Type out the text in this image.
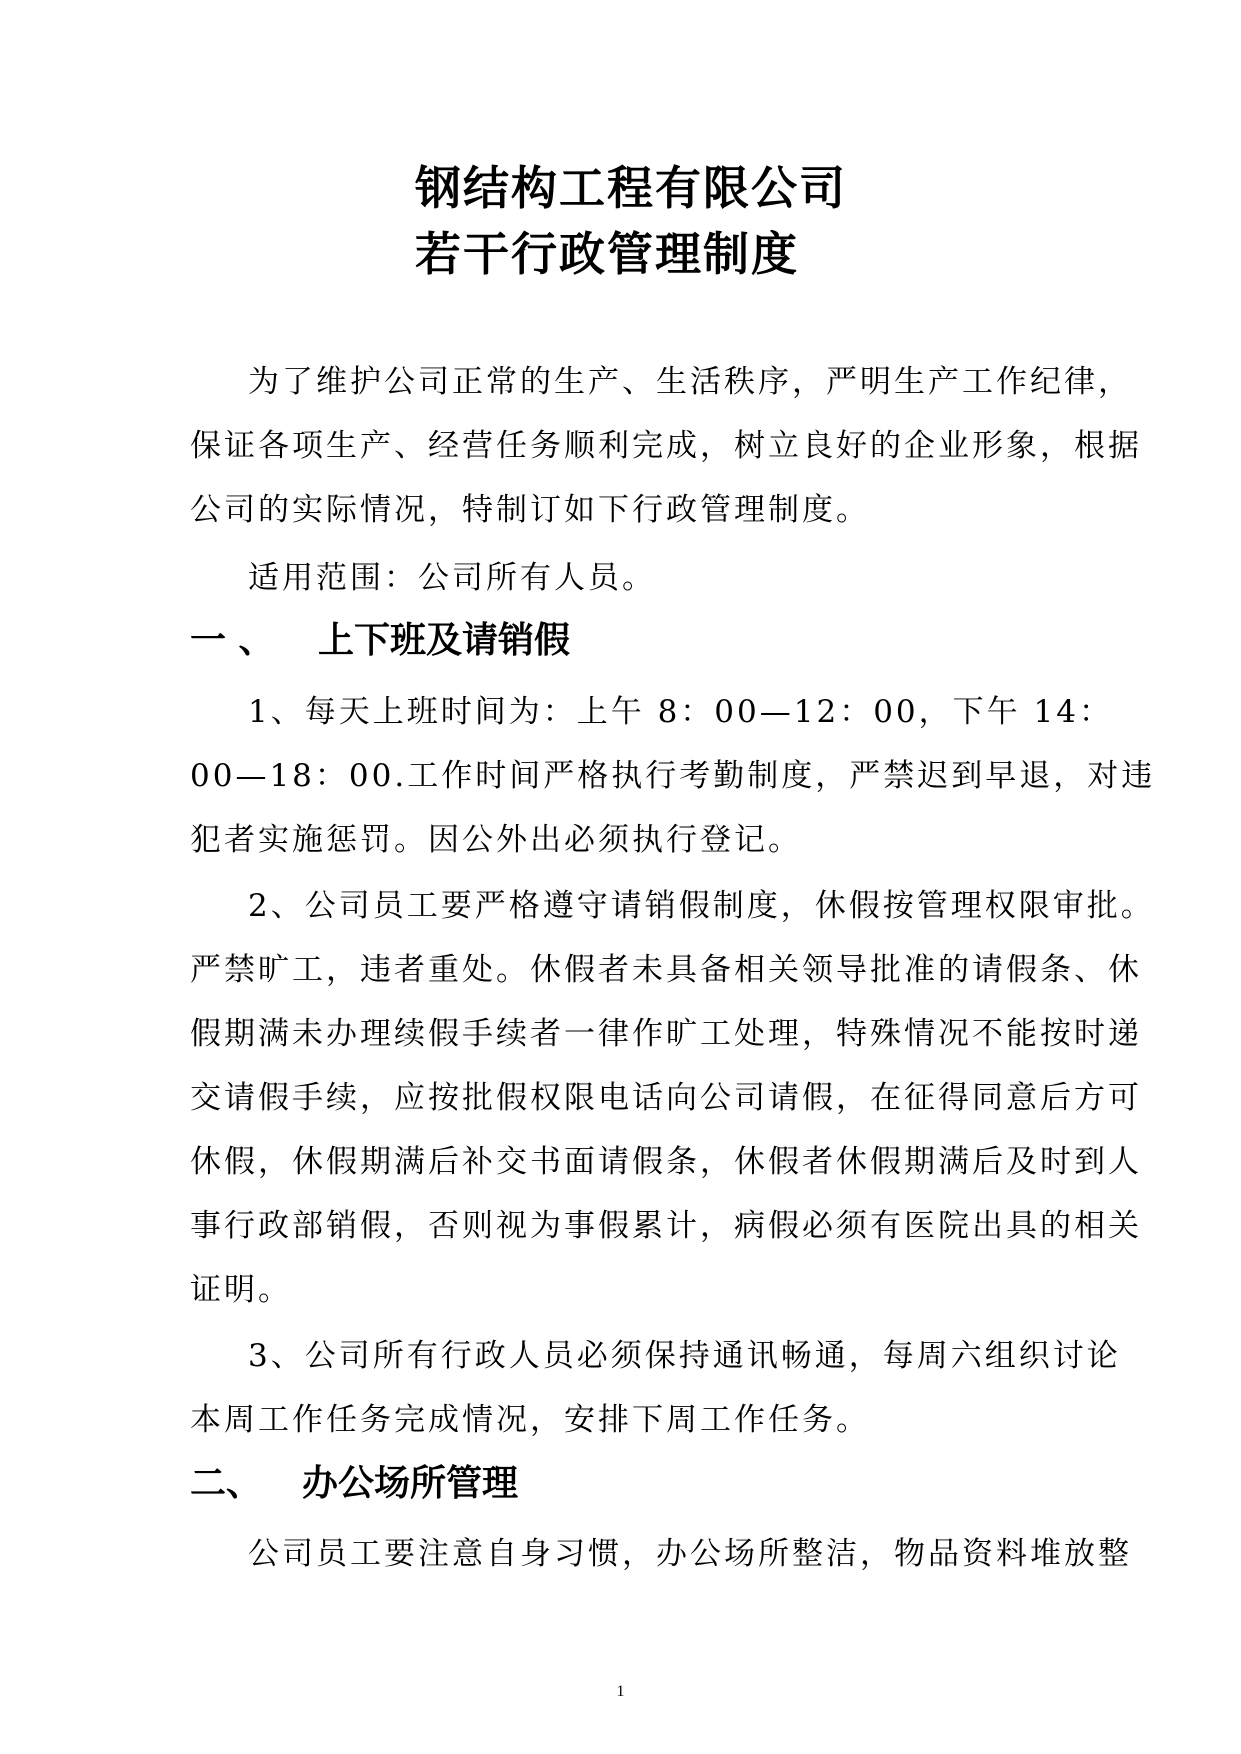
钢结构工程有限公司
若干行政管理制度
为了维护公司正常的生产、生活秩序，严明生产工作纪律，
保证各项生产、经营任务顺利完成，树立良好的企业形象，根据
公司的实际情况，特制订如下行政管理制度。
适用范围：公司所有人员。
一 、 上下班及请销假
1、每天上班时间为：上午 8：00—12：00，下午 14：
00—18：00.工作时间严格执行考勤制度，严禁迟到早退，对违
犯者实施惩罚。因公外出必须执行登记。
2、公司员工要严格遵守请销假制度，休假按管理权限审批。
严禁旷工，违者重处。休假者未具备相关领导批准的请假条、休
假期满未办理续假手续者一律作旷工处理，特殊情况不能按时递
交请假手续，应按批假权限电话向公司请假，在征得同意后方可
休假，休假期满后补交书面请假条，休假者休假期满后及时到人
事行政部销假，否则视为事假累计，病假必须有医院出具的相关
证明。
3、公司所有行政人员必须保持通讯畅通，每周六组织讨论
本周工作任务完成情况，安排下周工作任务。
二、 办公场所管理
公司员工要注意自身习惯，办公场所整洁，物品资料堆放整
1
